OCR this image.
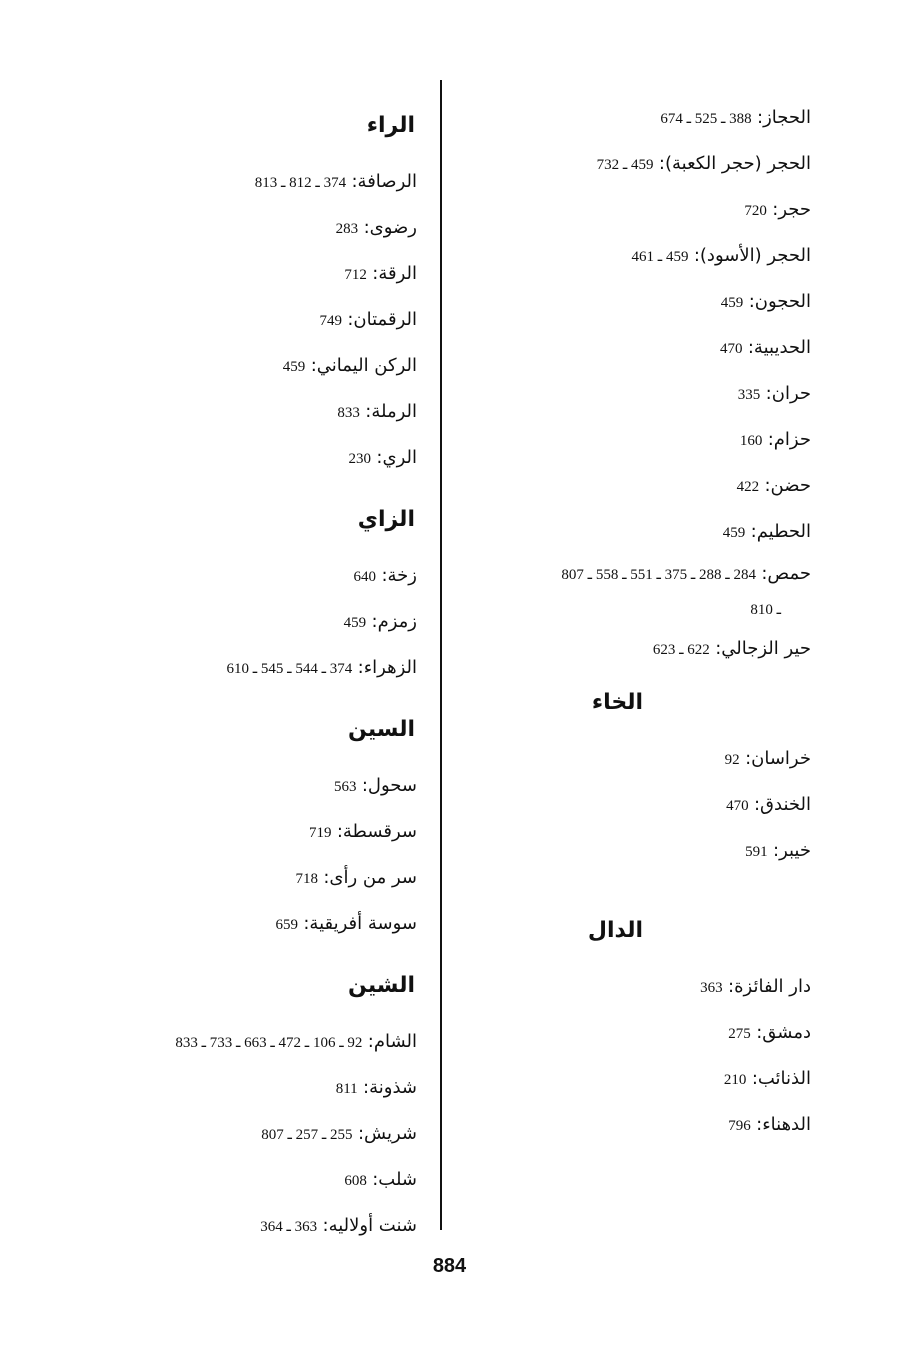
الحجاز: 388 ـ 525 ـ 674
الحجر (حجر الكعبة): 459 ـ 732
حجر: 720
الحجر (الأسود): 459 ـ 461
الحجون: 459
الحديبية: 470
حران: 335
حزام: 160
حضن: 422
الحطيم: 459
حمص: 284 ـ 288 ـ 375 ـ 551 ـ 558 ـ 807
ـ 810
حير الزجالي: 622 ـ 623
الخاء
خراسان: 92
الخندق: 470
خيبر: 591
الدال
دار الفائزة: 363
دمشق: 275
الذنائب: 210
الدهناء: 796
الراء
الرصافة: 374 ـ 812 ـ 813
رضوى: 283
الرقة: 712
الرقمتان: 749
الركن اليماني: 459
الرملة: 833
الري: 230
الزاي
زخة: 640
زمزم: 459
الزهراء: 374 ـ 544 ـ 545 ـ 610
السين
سحول: 563
سرقسطة: 719
سر من رأى: 718
سوسة أفريقية: 659
الشين
الشام: 92 ـ 106 ـ 472 ـ 663 ـ 733 ـ 833
شذونة: 811
شريش: 255 ـ 257 ـ 807
شلب: 608
شنت أولاليه: 363 ـ 364
884
